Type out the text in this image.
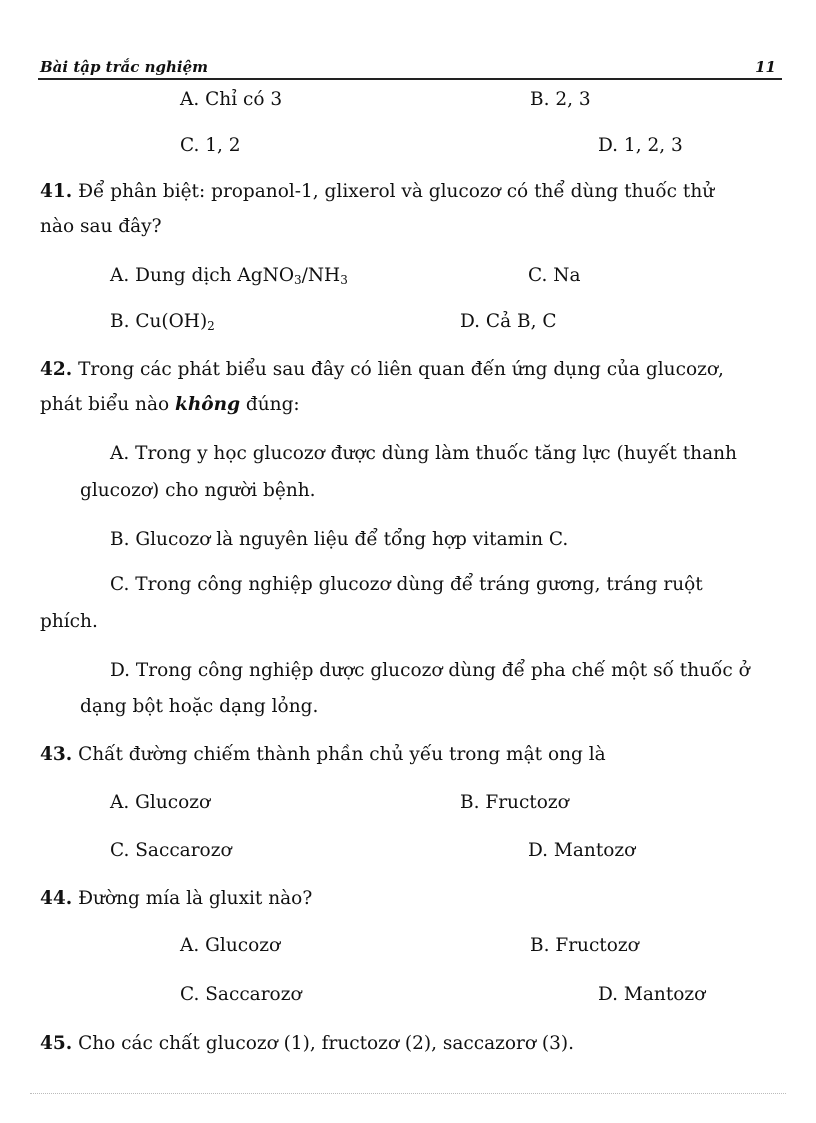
Bài tập trắc nghiệm	11
A. Chỉ có 3	B. 2, 3
C. 1, 2	D. 1, 2, 3
41. Để phân biệt: propanol-1, glixerol và glucozơ có thể dùng thuốc thử
nào sau đây?
A. Dung dịch $AgNO_3/NH_3$	C. Na
B. $Cu(OH)_2$	D. Cả B, C
42. Trong các phát biểu sau đây có liên quan đến ứng dụng của glucozơ,
phát biểu nào không đúng:
A. Trong y học glucozơ được dùng làm thuốc tăng lực (huyết thanh
glucozơ) cho người bệnh.
B. Glucozơ là nguyên liệu để tổng hợp vitamin C.
C. Trong công nghiệp glucozơ dùng để tráng gương, tráng ruột
phích.
D. Trong công nghiệp dược glucozơ dùng để pha chế một số thuốc ở
dạng bột hoặc dạng lỏng.
43. Chất đường chiếm thành phần chủ yếu trong mật ong là
A. Glucozơ	B. Fructozơ
C. Saccarozơ	D. Mantozơ
44. Đường mía là gluxit nào?
A. Glucozơ	B. Fructozơ
C. Saccarozơ	D. Mantozơ
45. Cho các chất glucozơ (1), fructozơ (2), saccazorơ (3).
